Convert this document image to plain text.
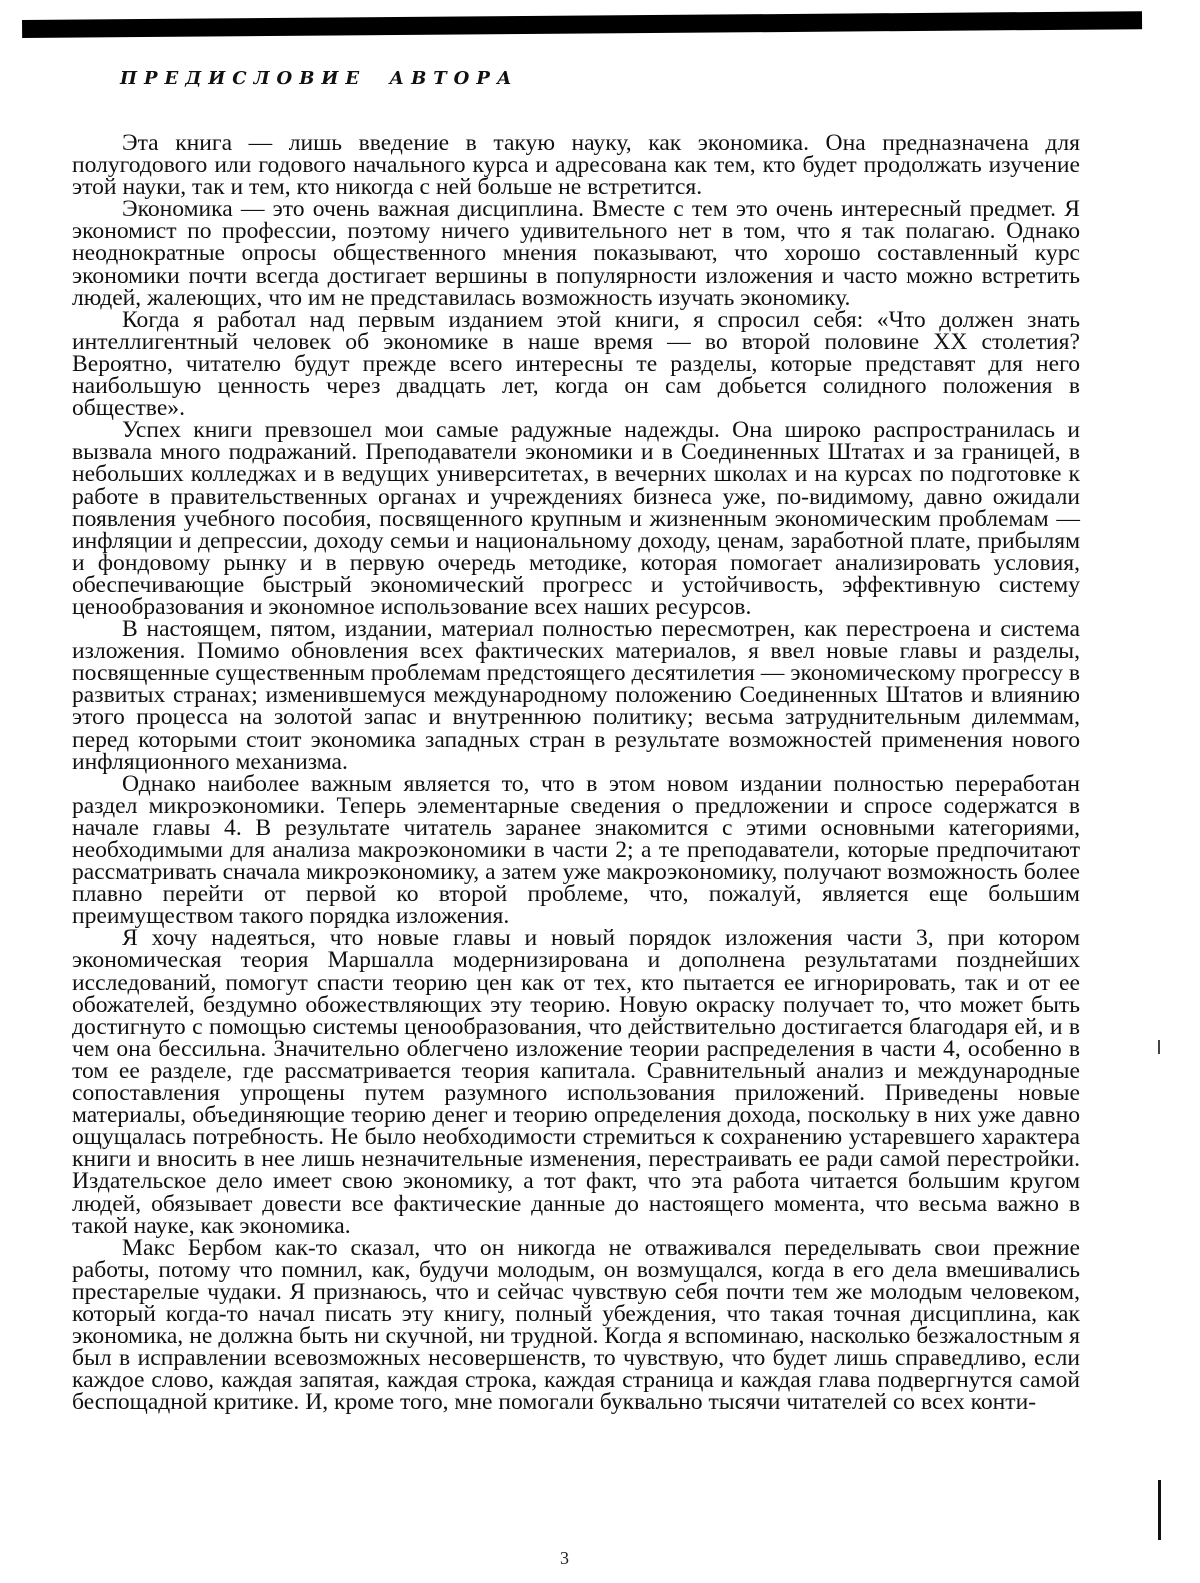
ПРЕДИСЛОВИЕ АВТОРА

Эта книга — лишь введение в такую науку, как экономика. Она предназначена для полугодового или годового начального курса и адресована как тем, кто будет продолжать изучение этой науки, так и тем, кто никогда с ней больше не встретится.

Экономика — это очень важная дисциплина. Вместе с тем это очень интересный предмет. Я экономист по профессии, поэтому ничего удивительного нет в том, что я так полагаю. Однако неоднократные опросы общественного мнения показывают, что хорошо составленный курс экономики почти всегда достигает вершины в популярности изложения и часто можно встретить людей, жалеющих, что им не представилась возможность изучать экономику.

Когда я работал над первым изданием этой книги, я спросил себя: «Что должен знать интеллигентный человек об экономике в наше время — во второй половине XX столетия? Вероятно, читателю будут прежде всего интересны те разделы, которые представят для него наибольшую ценность через двадцать лет, когда он сам добьется солидного положения в обществе».

Успех книги превзошел мои самые радужные надежды. Она широко распространилась и вызвала много подражаний. Преподаватели экономики и в Соединенных Штатах и за границей, в небольших колледжах и в ведущих университетах, в вечерних школах и на курсах по подготовке к работе в правительственных органах и учреждениях бизнеса уже, по-видимому, давно ожидали появления учебного пособия, посвященного крупным и жизненным экономическим проблемам — инфляции и депрессии, доходу семьи и национальному доходу, ценам, заработной плате, прибылям и фондовому рынку и в первую очередь методике, которая помогает анализировать условия, обеспечивающие быстрый экономический прогресс и устойчивость, эффективную систему ценообразования и экономное использование всех наших ресурсов.

В настоящем, пятом, издании, материал полностью пересмотрен, как перестроена и система изложения. Помимо обновления всех фактических материалов, я ввел новые главы и разделы, посвященные существенным проблемам предстоящего десятилетия — экономическому прогрессу в развитых странах; изменившемуся международному положению Соединенных Штатов и влиянию этого процесса на золотой запас и внутреннюю политику; весьма затруднительным дилеммам, перед которыми стоит экономика западных стран в результате возможностей применения нового инфляционного механизма.

Однако наиболее важным является то, что в этом новом издании полностью переработан раздел микроэкономики. Теперь элементарные сведения о предложении и спросе содержатся в начале главы 4. В результате читатель заранее знакомится с этими основными категориями, необходимыми для анализа макроэкономики в части 2; а те преподаватели, которые предпочитают рассматривать сначала микроэкономику, а затем уже макроэкономику, получают возможность более плавно перейти от первой ко второй проблеме, что, пожалуй, является еще большим преимуществом такого порядка изложения.

Я хочу надеяться, что новые главы и новый порядок изложения части 3, при котором экономическая теория Маршалла модернизирована и дополнена результатами позднейших исследований, помогут спасти теорию цен как от тех, кто пытается ее игнорировать, так и от ее обожателей, бездумно обожествляющих эту теорию. Новую окраску получает то, что может быть достигнуто с помощью системы ценообразования, что действительно достигается благодаря ей, и в чем она бессильна. Значительно облегчено изложение теории распределения в части 4, особенно в том ее разделе, где рассматривается теория капитала. Сравнительный анализ и международные сопоставления упрощены путем разумного использования приложений. Приведены новые материалы, объединяющие теорию денег и теорию определения дохода, поскольку в них уже давно ощущалась потребность. Не было необходимости стремиться к сохранению устаревшего характера книги и вносить в нее лишь незначительные изменения, перестраивать ее ради самой перестройки. Издательское дело имеет свою экономику, а тот факт, что эта работа читается большим кругом людей, обязывает довести все фактические данные до настоящего момента, что весьма важно в такой науке, как экономика.

Макс Бербом как-то сказал, что он никогда не отваживался переделывать свои прежние работы, потому что помнил, как, будучи молодым, он возмущался, когда в его дела вмешивались престарелые чудаки. Я признаюсь, что и сейчас чувствую себя почти тем же молодым человеком, который когда-то начал писать эту книгу, полный убеждения, что такая точная дисциплина, как экономика, не должна быть ни скучной, ни трудной. Когда я вспоминаю, насколько безжалостным я был в исправлении всевозможных несовершенств, то чувствую, что будет лишь справедливо, если каждое слово, каждая запятая, каждая строка, каждая страница и каждая глава подвергнутся самой беспощадной критике. И, кроме того, мне помогали буквально тысячи читателей со всех конти-

3
